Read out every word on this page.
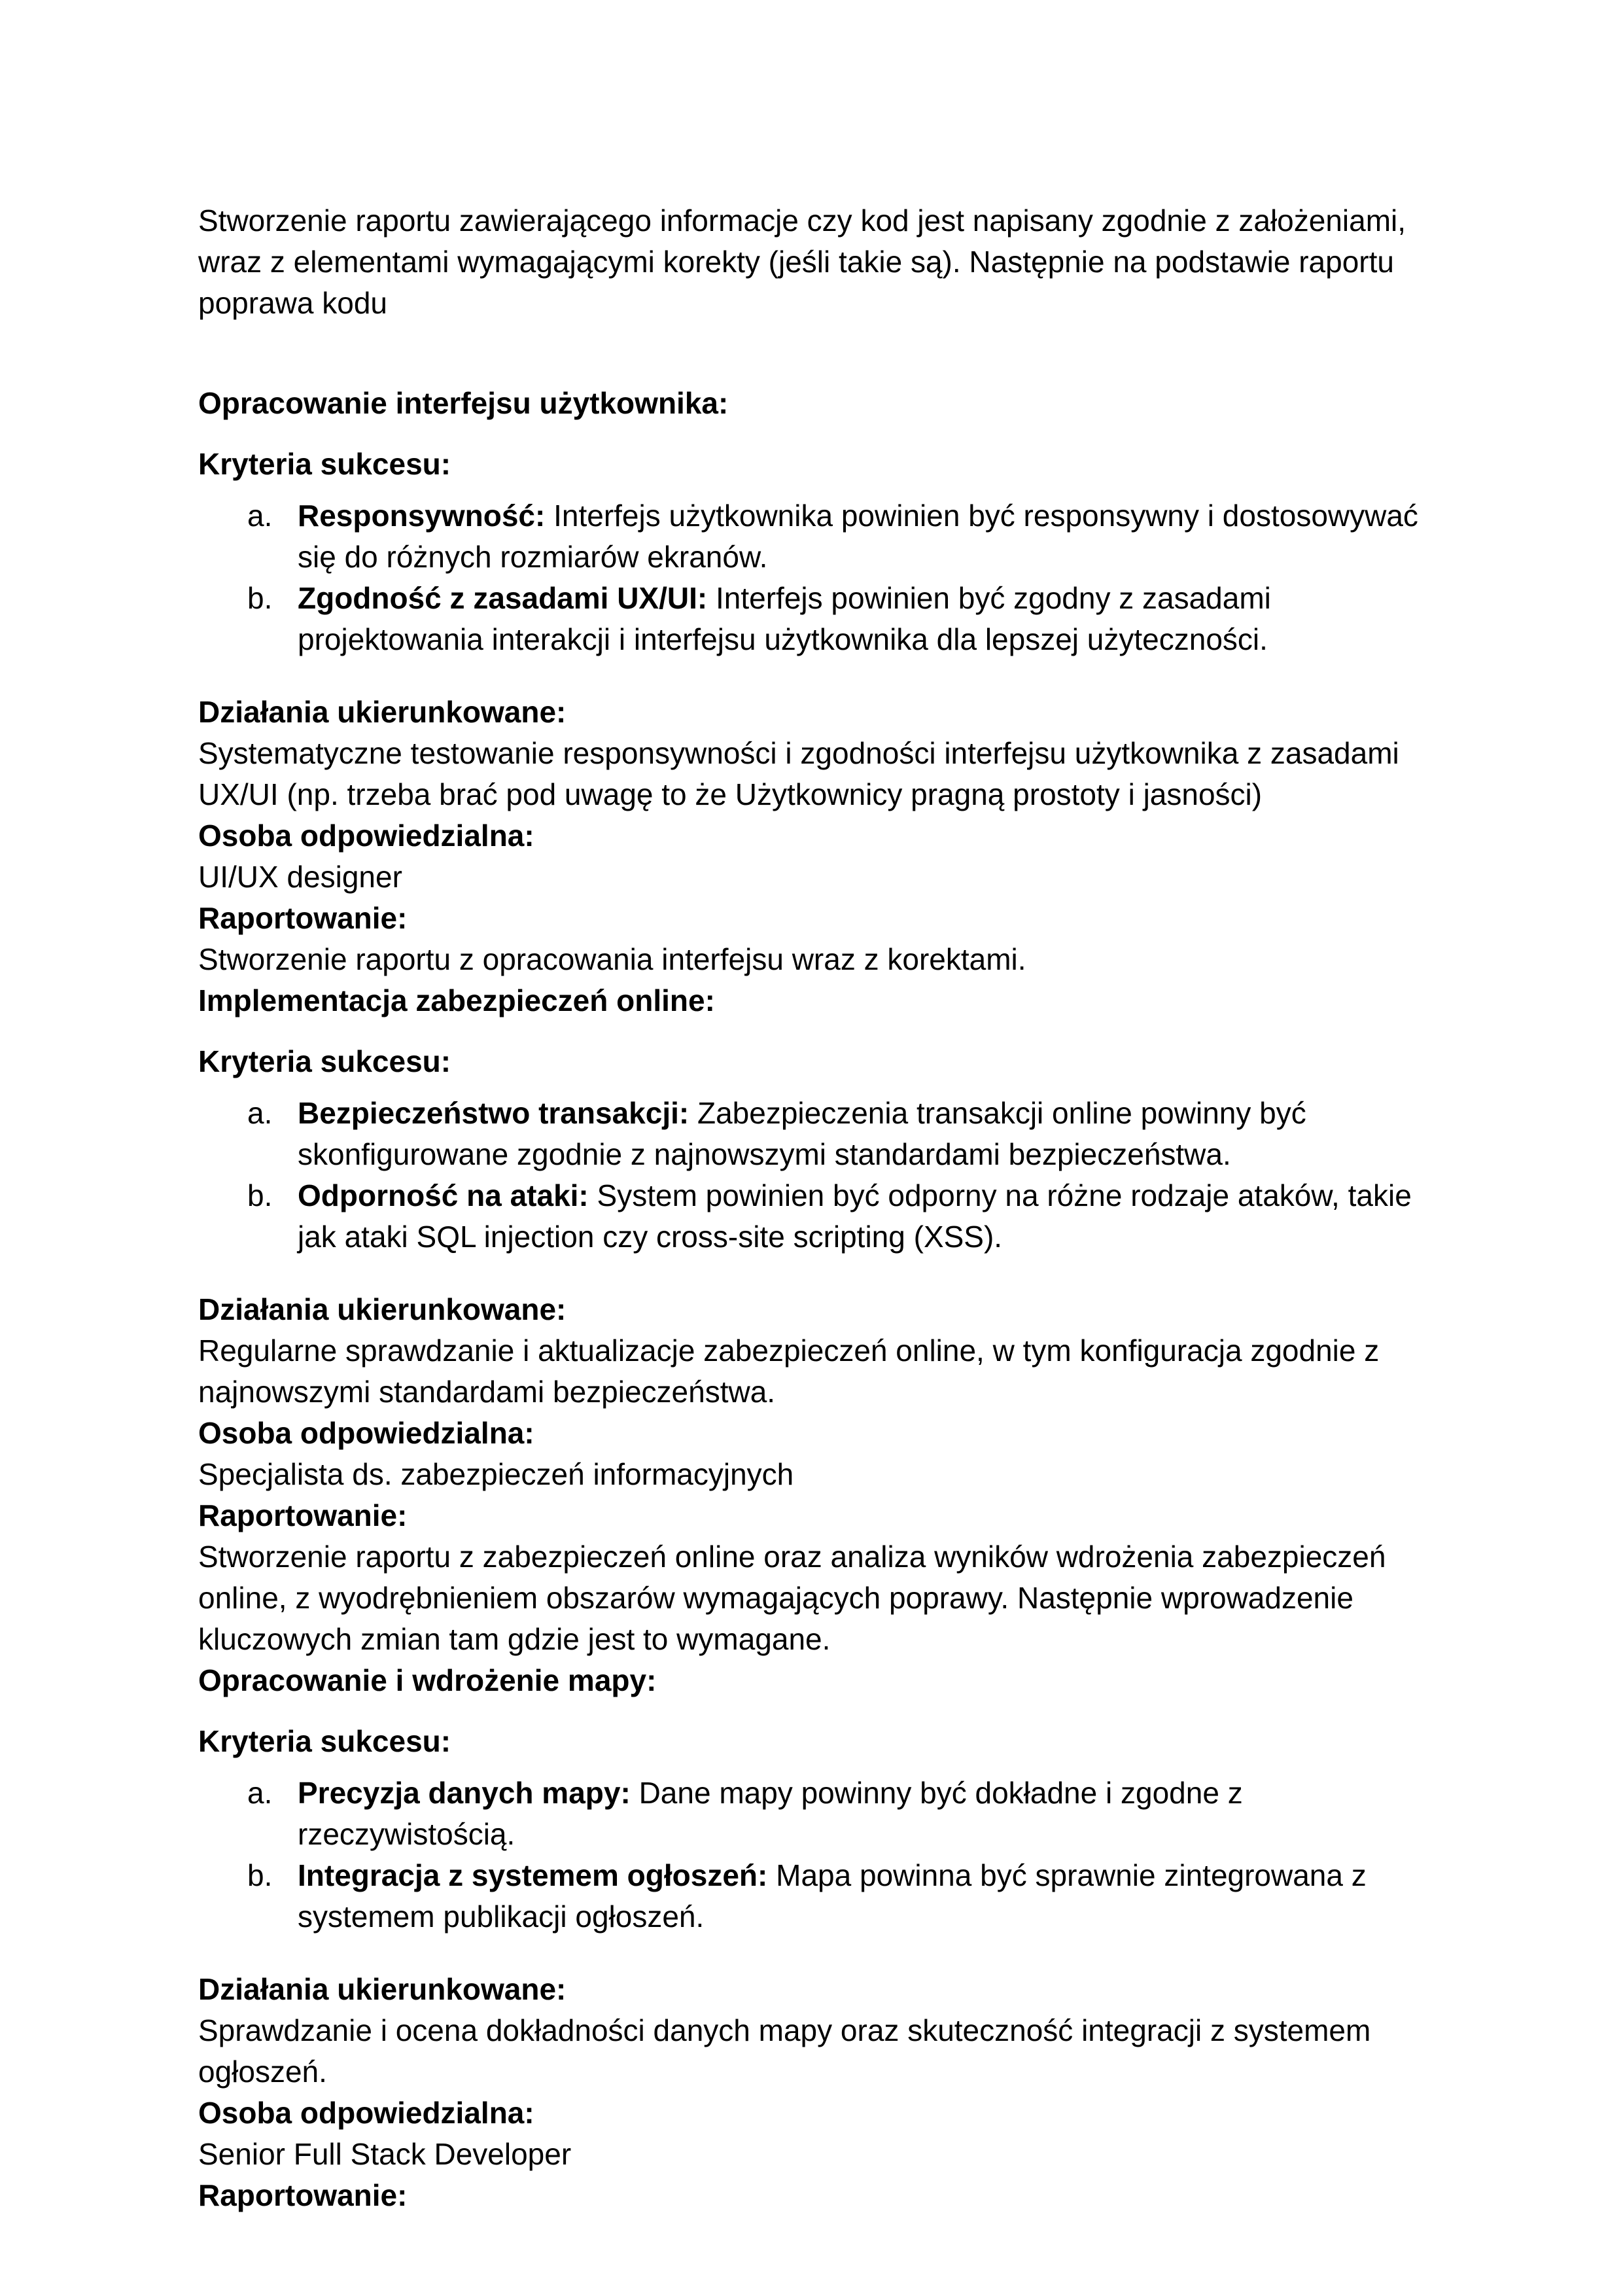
Stworzenie raportu zawierającego informacje czy kod jest napisany zgodnie z założeniami, wraz z elementami wymagającymi korekty (jeśli takie są). Następnie na podstawie raportu poprawa kodu
Opracowanie interfejsu użytkownika:
Kryteria sukcesu:
a. Responsywność: Interfejs użytkownika powinien być responsywny i dostosowywać się do różnych rozmiarów ekranów.
b. Zgodność z zasadami UX/UI: Interfejs powinien być zgodny z zasadami projektowania interakcji i interfejsu użytkownika dla lepszej użyteczności.
Działania ukierunkowane:
Systematyczne testowanie responsywności i zgodności interfejsu użytkownika z zasadami UX/UI (np. trzeba brać pod uwagę to że Użytkownicy pragną prostoty i jasności)
Osoba odpowiedzialna:
UI/UX designer
Raportowanie:
Stworzenie raportu z opracowania interfejsu wraz z korektami.
Implementacja zabezpieczeń online:
Kryteria sukcesu:
a. Bezpieczeństwo transakcji: Zabezpieczenia transakcji online powinny być skonfigurowane zgodnie z najnowszymi standardami bezpieczeństwa.
b. Odporność na ataki: System powinien być odporny na różne rodzaje ataków, takie jak ataki SQL injection czy cross-site scripting (XSS).
Działania ukierunkowane:
Regularne sprawdzanie i aktualizacje zabezpieczeń online, w tym konfiguracja zgodnie z najnowszymi standardami bezpieczeństwa.
Osoba odpowiedzialna:
Specjalista ds. zabezpieczeń informacyjnych
Raportowanie:
Stworzenie raportu z zabezpieczeń online oraz analiza wyników wdrożenia zabezpieczeń online, z wyodrębnieniem obszarów wymagających poprawy. Następnie wprowadzenie kluczowych zmian tam gdzie jest to wymagane.
Opracowanie i wdrożenie mapy:
Kryteria sukcesu:
a. Precyzja danych mapy: Dane mapy powinny być dokładne i zgodne z rzeczywistością.
b. Integracja z systemem ogłoszeń: Mapa powinna być sprawnie zintegrowana z systemem publikacji ogłoszeń.
Działania ukierunkowane:
Sprawdzanie i ocena dokładności danych mapy oraz skuteczność integracji z systemem ogłoszeń.
Osoba odpowiedzialna:
Senior Full Stack Developer
Raportowanie:
